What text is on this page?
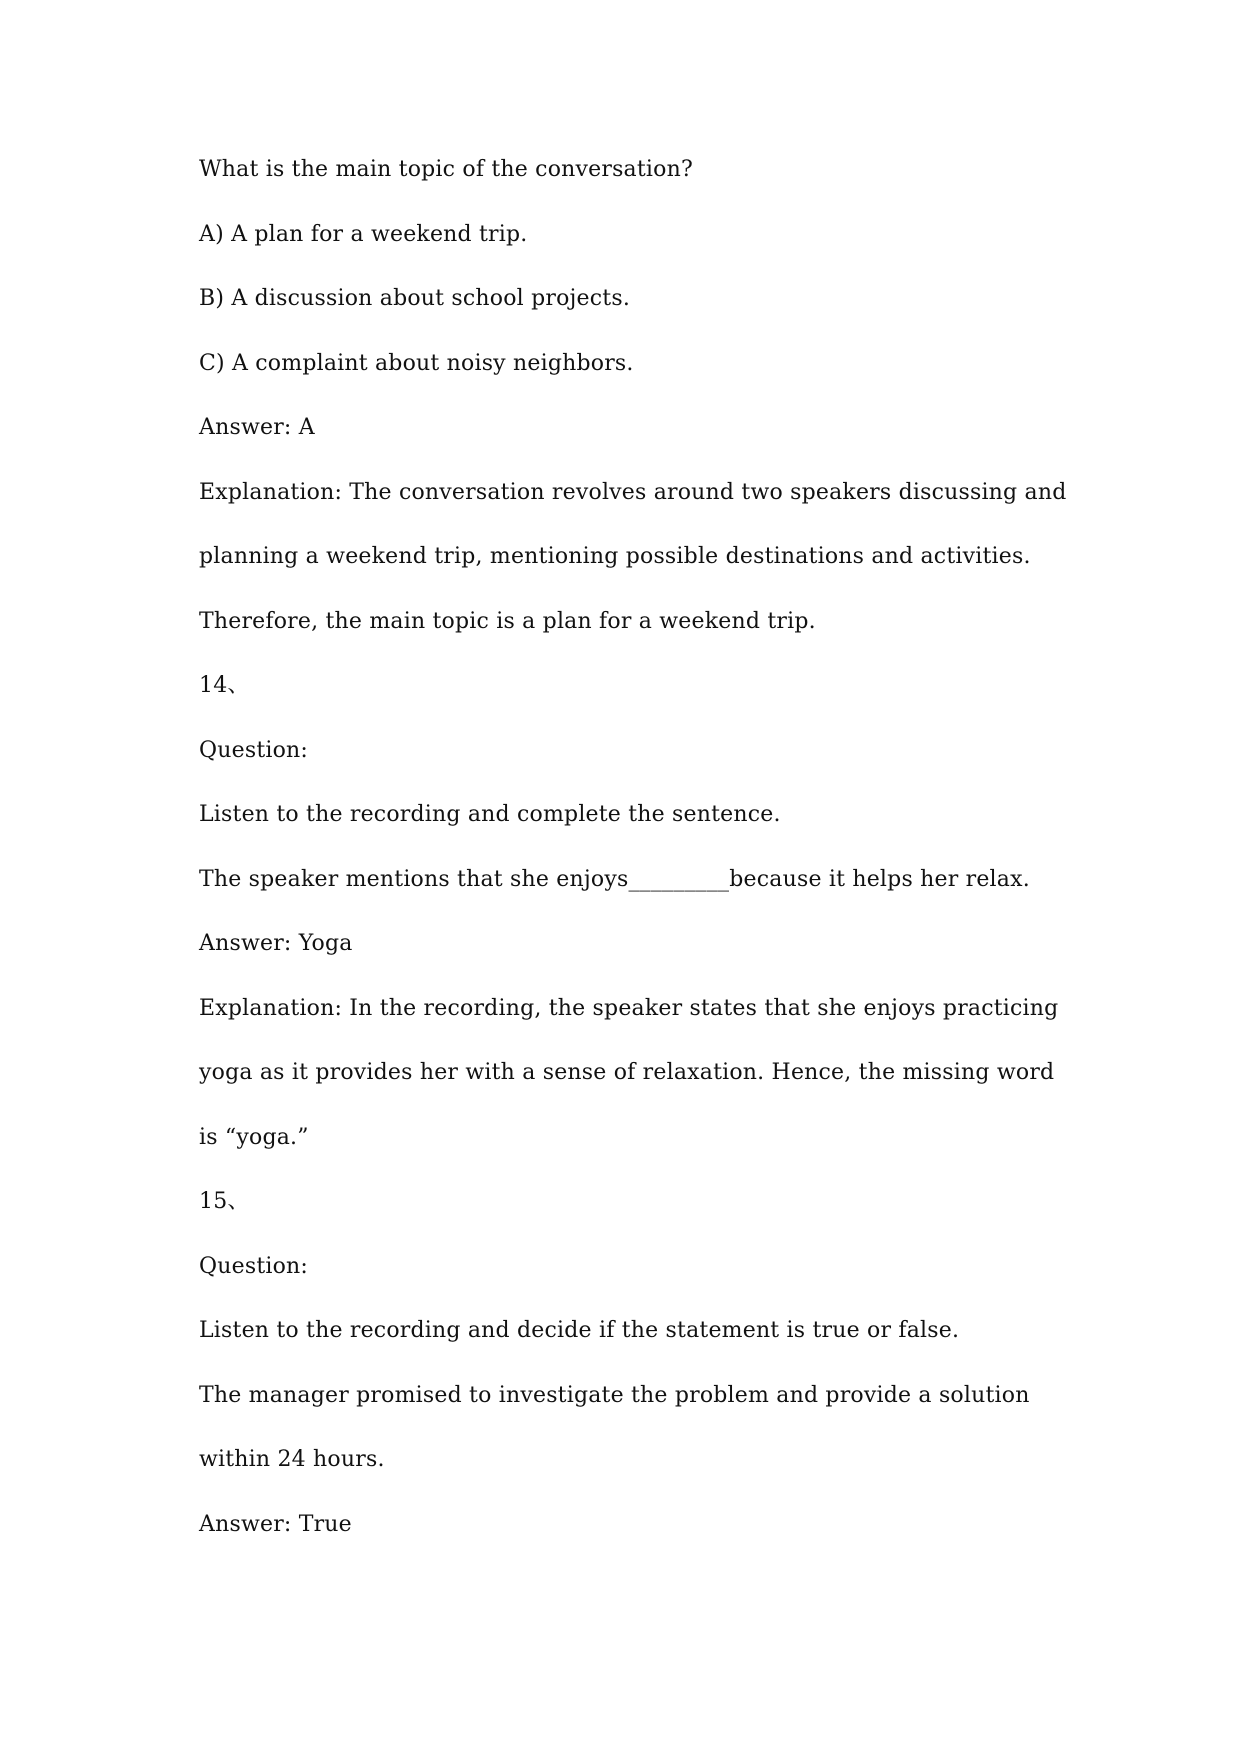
What is the main topic of the conversation?

A) A plan for a weekend trip.

B) A discussion about school projects.

C) A complaint about noisy neighbors.

Answer: A

Explanation: The conversation revolves around two speakers discussing and

planning a weekend trip, mentioning possible destinations and activities.

Therefore, the main topic is a plan for a weekend trip.

14、

Question:

Listen to the recording and complete the sentence.

The speaker mentions that she enjoys_________because it helps her relax.

Answer: Yoga

Explanation: In the recording, the speaker states that she enjoys practicing

yoga as it provides her with a sense of relaxation. Hence, the missing word

is “yoga.”

15、

Question:

Listen to the recording and decide if the statement is true or false.

The manager promised to investigate the problem and provide a solution

within 24 hours.

Answer: True
